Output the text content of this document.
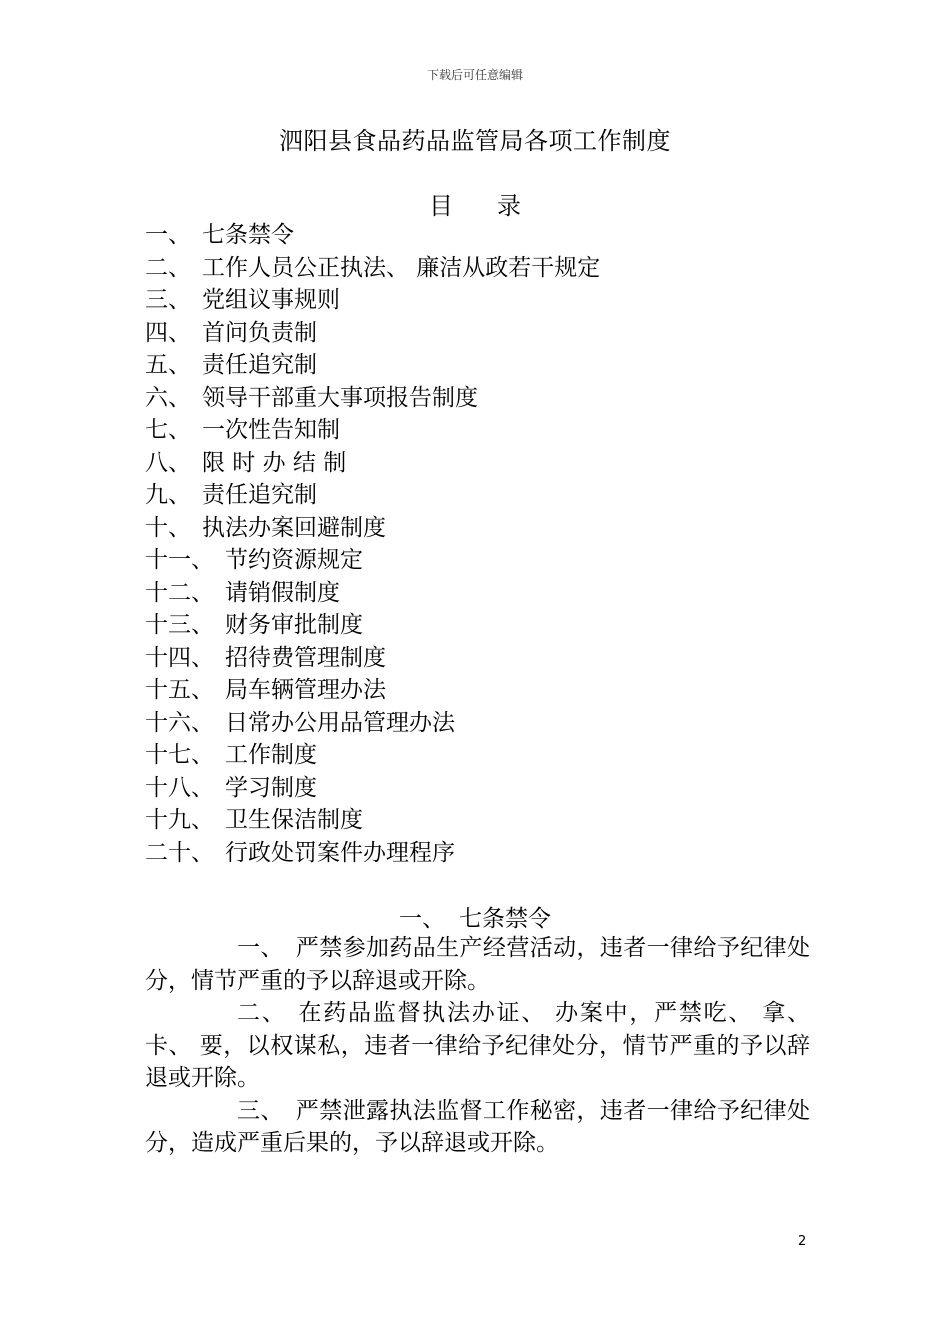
下载后可任意编辑
泗阳县食品药品监管局各项工作制度
目 录
一、 七条禁令
二、 工作人员公正执法、 廉洁从政若干规定
三、 党组议事规则
四、 首问负责制
五、 责任追究制
六、 领导干部重大事项报告制度
七、 一次性告知制
八、 限 时 办 结 制
九、 责任追究制
十、 执法办案回避制度
十一、 节约资源规定
十二、 请销假制度
十三、 财务审批制度
十四、 招待费管理制度
十五、 局车辆管理办法
十六、 日常办公用品管理办法
十七、 工作制度
十八、 学习制度
十九、 卫生保洁制度
二十、 行政处罚案件办理程序
一、 七条禁令

一、 严禁参加药品生产经营活动，违者一律给予纪律处分，情节严重的予以辞退或开除。

二、 在药品监督执法办证、 办案中，严禁吃、 拿、 卡、 要，以权谋私，违者一律给予纪律处分，情节严重的予以辞退或开除。

三、 严禁泄露执法监督工作秘密，违者一律给予纪律处分，造成严重后果的，予以辞退或开除。

2
